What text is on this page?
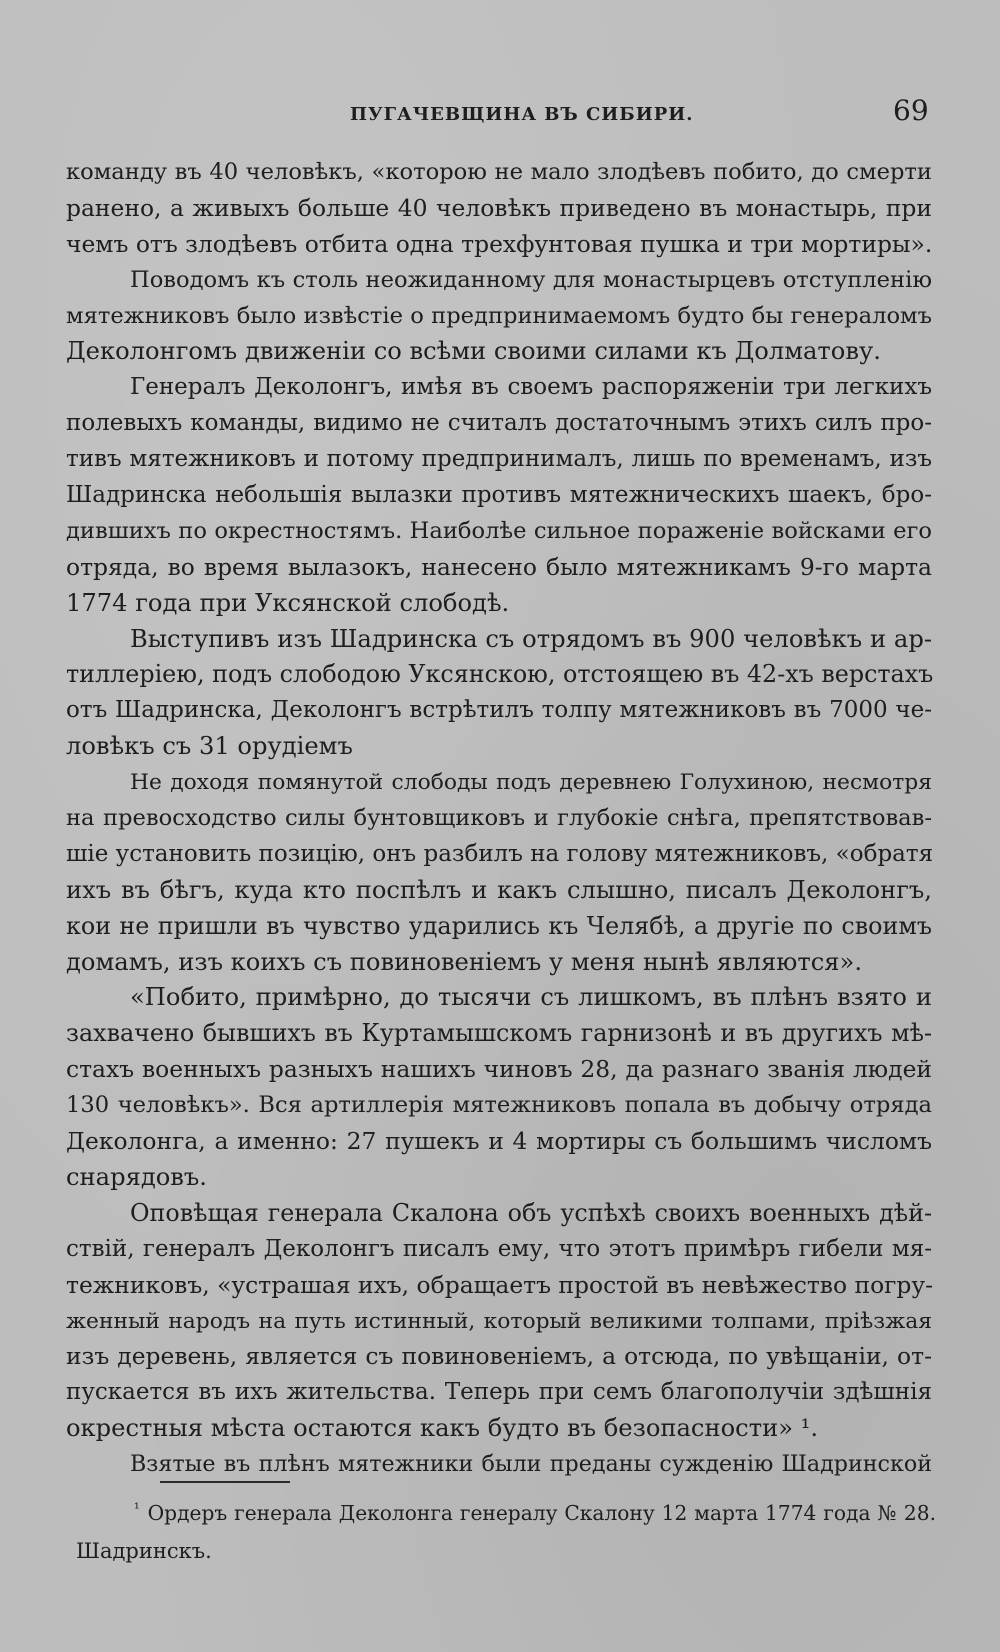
ПУГАЧЕВЩИНА ВЪ СИБИРИ.	69
команду въ 40 человѣкъ, «которою не мало злодѣевъ побито, до смерти
ранено, а живыхъ больше 40 человѣкъ приведено въ монастырь, при
чемъ отъ злодѣевъ отбита одна трехфунтовая пушка и три мортиры».
Поводомъ къ столь неожиданному для монастырцевъ отступленію
мятежниковъ было извѣстіе о предпринимаемомъ будто бы генераломъ
Деколонгомъ движеніи со всѣми своими силами къ Долматову.
Генералъ Деколонгъ, имѣя въ своемъ распоряженіи три легкихъ
полевыхъ команды, видимо не считалъ достаточнымъ этихъ силъ про-
тивъ мятежниковъ и потому предпринималъ, лишь по временамъ, изъ
Шадринска небольшія вылазки противъ мятежническихъ шаекъ, бро-
дившихъ по окрестностямъ. Наиболѣе сильное пораженіе войсками его
отряда, во время вылазокъ, нанесено было мятежникамъ 9-го марта
1774 года при Уксянской слободѣ.
Выступивъ изъ Шадринска съ отрядомъ въ 900 человѣкъ и ар-
тиллеріею, подъ слободою Уксянскою, отстоящею въ 42-хъ верстахъ
отъ Шадринска, Деколонгъ встрѣтилъ толпу мятежниковъ въ 7000 че-
ловѣкъ съ 31 орудіемъ
Не доходя помянутой слободы подъ деревнею Голухиною, несмотря
на превосходство силы бунтовщиковъ и глубокіе снѣга, препятствовав-
шіе установить позицію, онъ разбилъ на голову мятежниковъ, «обратя
ихъ въ бѣгъ, куда кто поспѣлъ и какъ слышно, писалъ Деколонгъ,
кои не пришли въ чувство ударились къ Челябѣ, а другіе по своимъ
домамъ, изъ коихъ съ повиновеніемъ у меня нынѣ являются».
«Побито, примѣрно, до тысячи съ лишкомъ, въ плѣнъ взято и
захвачено бывшихъ въ Куртамышскомъ гарнизонѣ и въ другихъ мѣ-
стахъ военныхъ разныхъ нашихъ чиновъ 28, да разнаго званія людей
130 человѣкъ». Вся артиллерія мятежниковъ попала въ добычу отряда
Деколонга, а именно: 27 пушекъ и 4 мортиры съ большимъ числомъ
снарядовъ.
Оповѣщая генерала Скалона объ успѣхѣ своихъ военныхъ дѣй-
ствій, генералъ Деколонгъ писалъ ему, что этотъ примѣръ гибели мя-
тежниковъ, «устрашая ихъ, обращаетъ простой въ невѣжество погру-
женный народъ на путь истинный, который великими толпами, пріѣзжая
изъ деревень, является съ повиновеніемъ, а отсюда, по увѣщаніи, от-
пускается въ ихъ жительства. Теперь при семъ благополучіи здѣшнія
окрестныя мѣста остаются какъ будто въ безопасности» ¹.
Взятые въ плѣнъ мятежники были преданы сужденію Шадринской
$^{^1}$ Ордеръ генерала Деколонга генералу Скалону 12 марта 1774 года № 28.
Шадринскъ.
